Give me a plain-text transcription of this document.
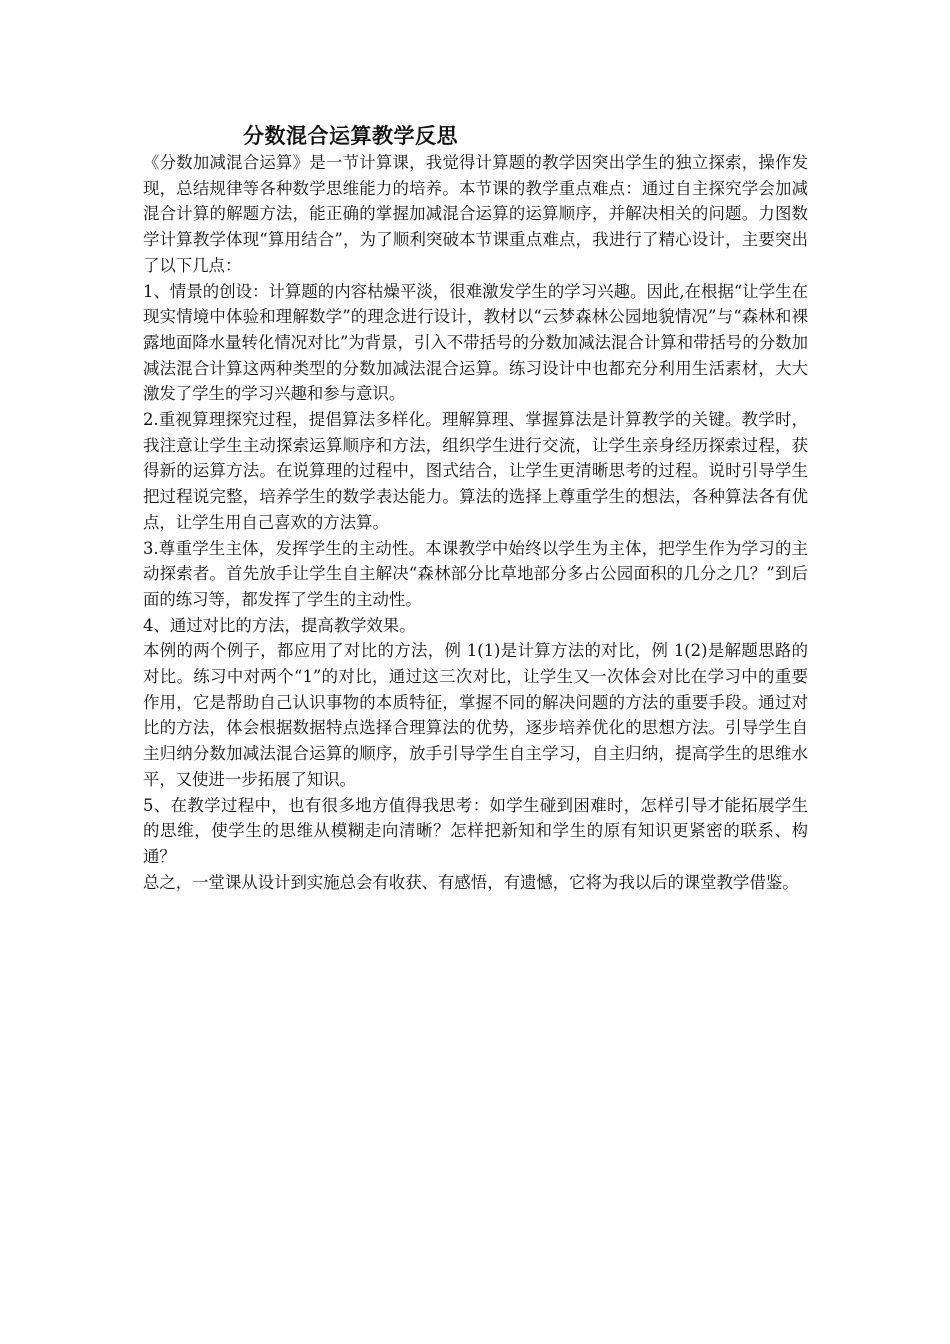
分数混合运算教学反思

《分数加减混合运算》是一节计算课，我觉得计算题的教学因突出学生的独立探索，操作发现，总结规律等各种数学思维能力的培养。本节课的教学重点难点：通过自主探究学会加减混合计算的解题方法，能正确的掌握加减混合运算的运算顺序，并解决相关的问题。力图数学计算教学体现“算用结合”，为了顺利突破本节课重点难点，我进行了精心设计，主要突出了以下几点：

1、情景的创设：计算题的内容枯燥平淡，很难激发学生的学习兴趣。因此,在根据“让学生在现实情境中体验和理解数学”的理念进行设计，教材以“云梦森林公园地貌情况”与“森林和裸露地面降水量转化情况对比”为背景，引入不带括号的分数加减法混合计算和带括号的分数加减法混合计算这两种类型的分数加减法混合运算。练习设计中也都充分利用生活素材，大大激发了学生的学习兴趣和参与意识。

2.重视算理探究过程，提倡算法多样化。理解算理、掌握算法是计算教学的关键。教学时，我注意让学生主动探索运算顺序和方法，组织学生进行交流，让学生亲身经历探索过程，获得新的运算方法。在说算理的过程中，图式结合，让学生更清晰思考的过程。说时引导学生把过程说完整，培养学生的数学表达能力。算法的选择上尊重学生的想法，各种算法各有优点，让学生用自己喜欢的方法算。

3.尊重学生主体，发挥学生的主动性。本课教学中始终以学生为主体，把学生作为学习的主动探索者。首先放手让学生自主解决“森林部分比草地部分多占公园面积的几分之几？”到后面的练习等，都发挥了学生的主动性。

4、通过对比的方法，提高教学效果。

本例的两个例子，都应用了对比的方法，例 1(1)是计算方法的对比，例 1(2)是解题思路的对比。练习中对两个“1”的对比，通过这三次对比，让学生又一次体会对比在学习中的重要作用，它是帮助自己认识事物的本质特征，掌握不同的解决问题的方法的重要手段。通过对比的方法，体会根据数据特点选择合理算法的优势，逐步培养优化的思想方法。引导学生自主归纳分数加减法混合运算的顺序，放手引导学生自主学习，自主归纳，提高学生的思维水平，又使进一步拓展了知识。

5、在教学过程中，也有很多地方值得我思考：如学生碰到困难时，怎样引导才能拓展学生的思维，使学生的思维从模糊走向清晰？怎样把新知和学生的原有知识更紧密的联系、构通？

总之，一堂课从设计到实施总会有收获、有感悟，有遗憾，它将为我以后的课堂教学借鉴。
